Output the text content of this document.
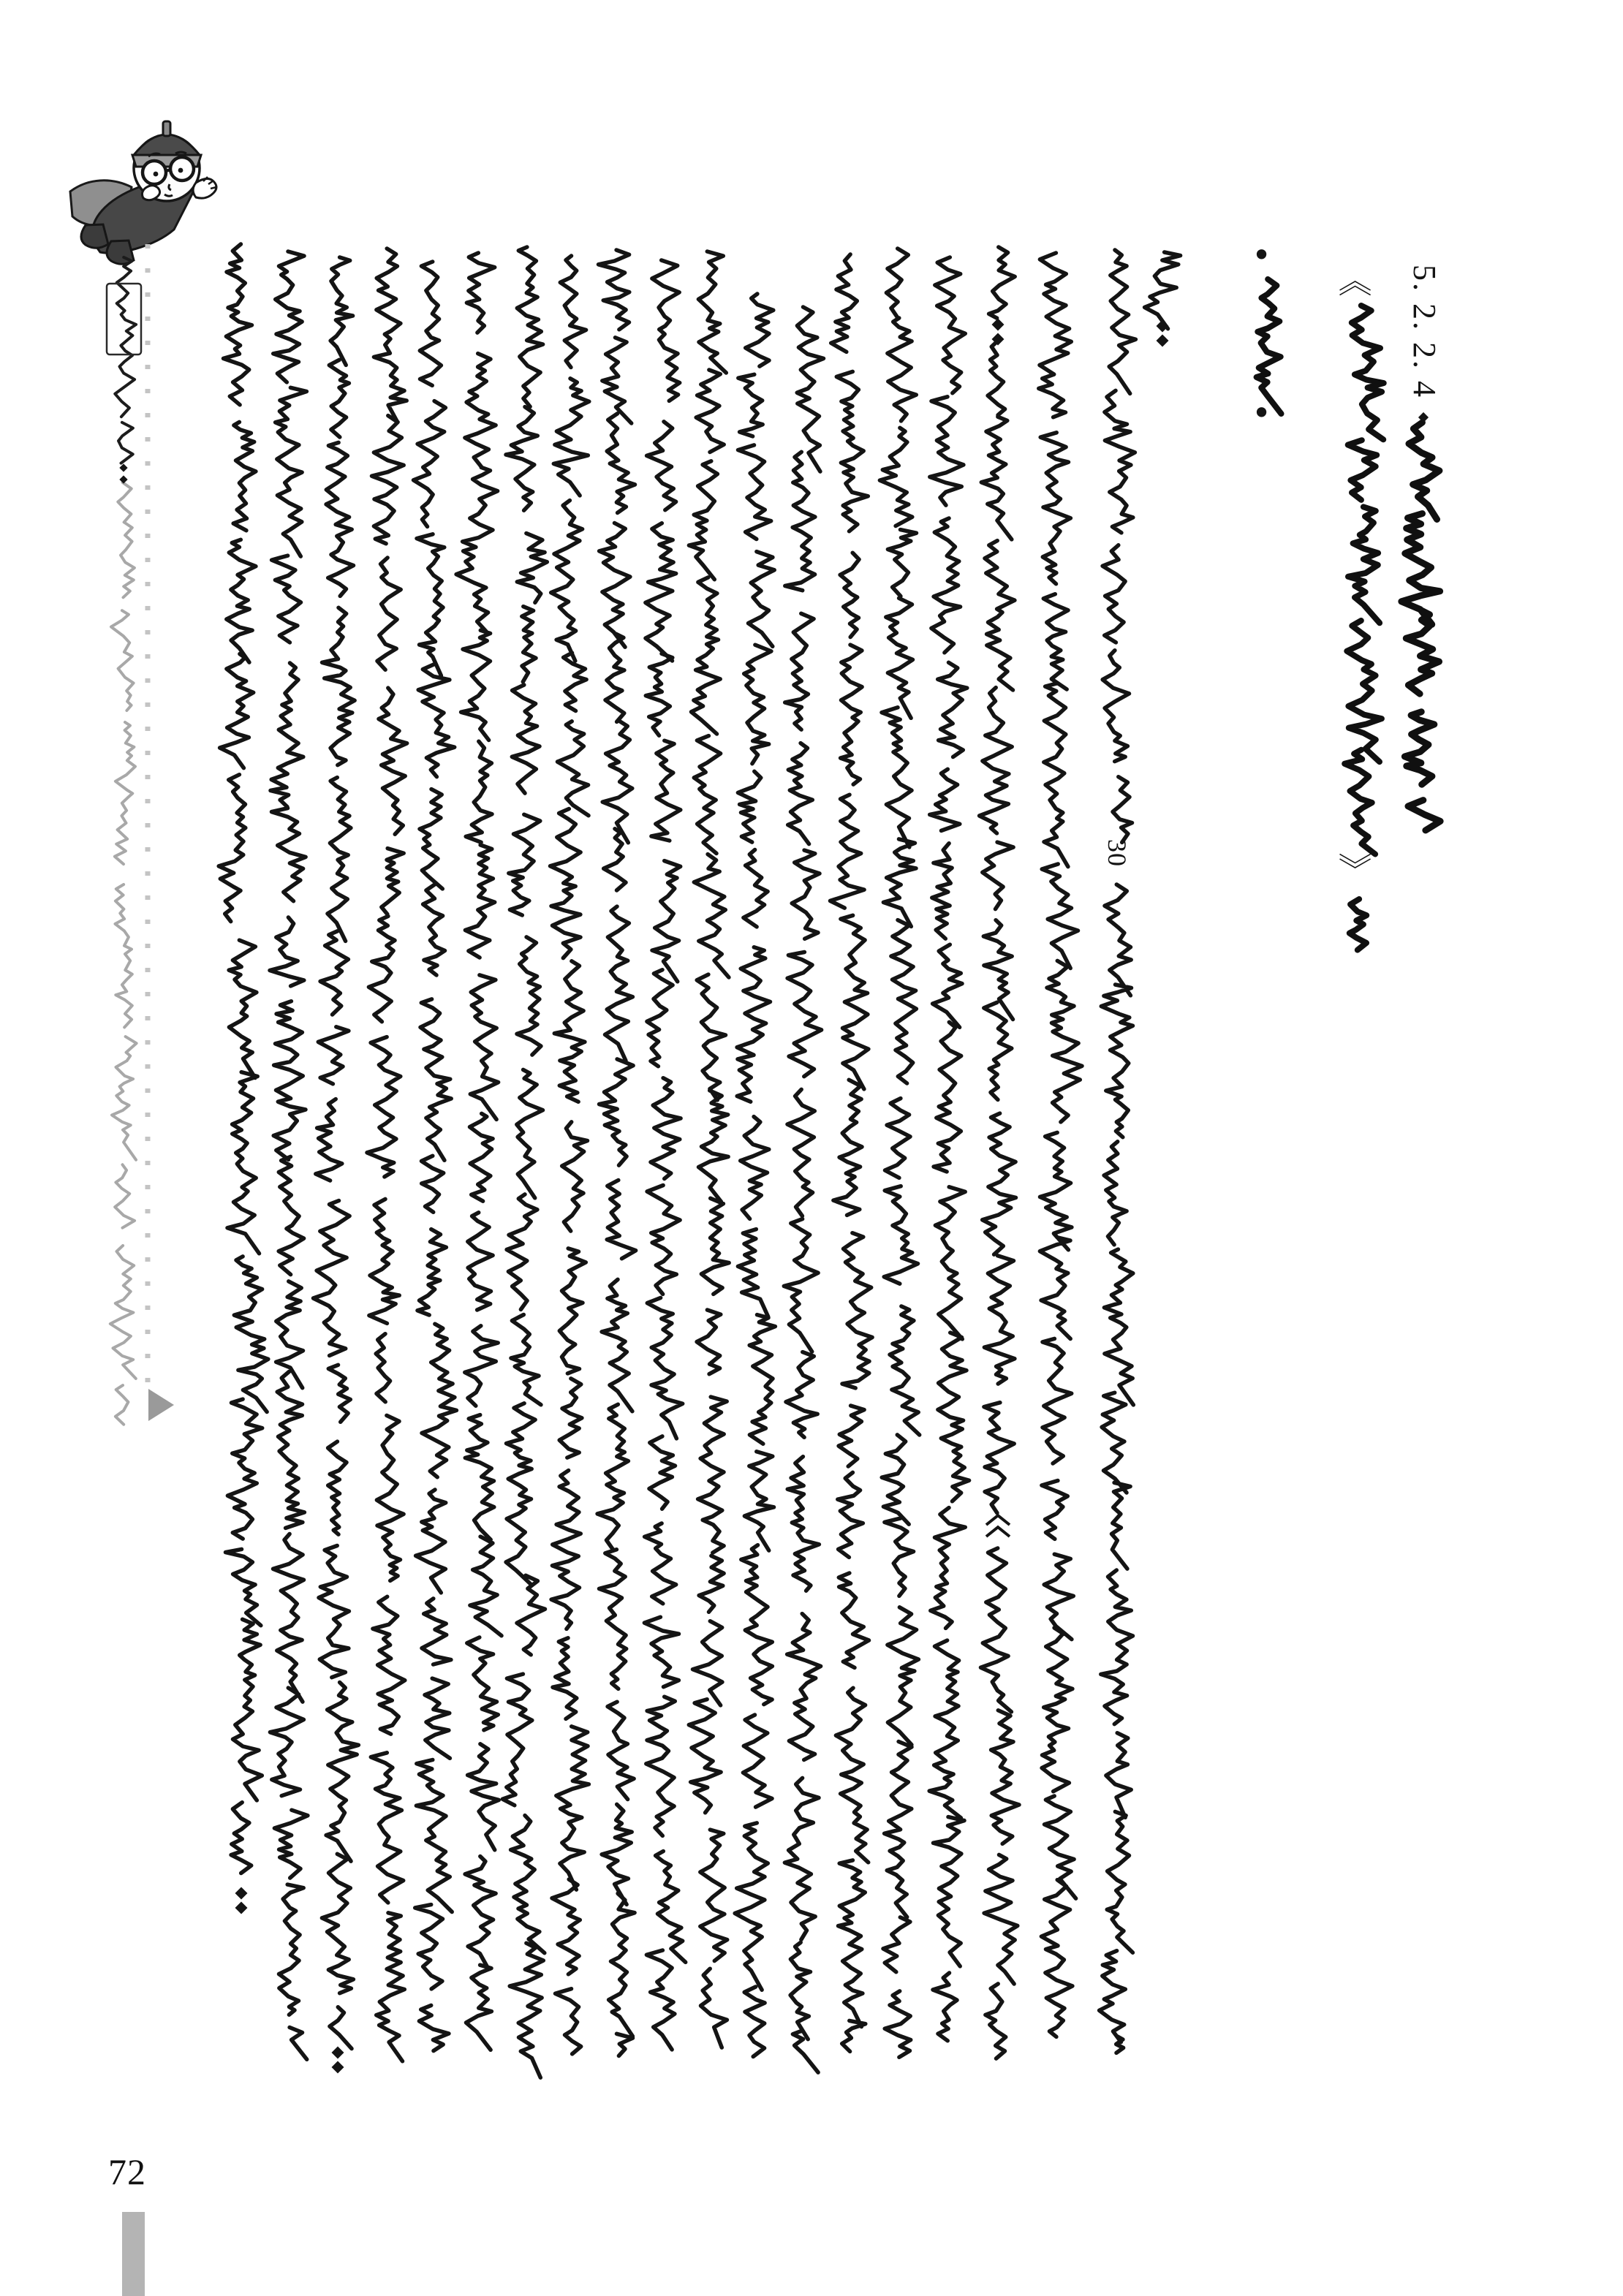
5. 2. 2. 4
30
•
•
《
》
72
